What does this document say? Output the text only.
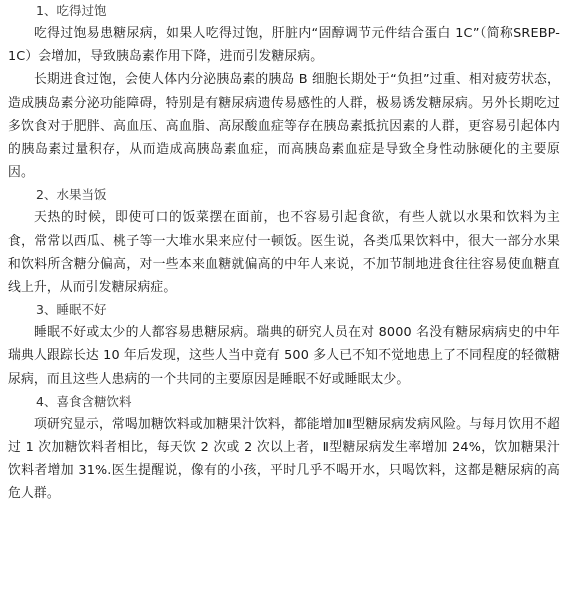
1、吃得过饱

吃得过饱易患糖尿病，如果人吃得过饱，肝脏内“固醇调节元件结合蛋白 1C”（简称SREBP-1C）会增加，导致胰岛素作用下降，进而引发糖尿病。

长期进食过饱，会使人体内分泌胰岛素的胰岛 B 细胞长期处于“负担”过重、相对疲劳状态，造成胰岛素分泌功能障碍，特别是有糖尿病遗传易感性的人群，极易诱发糖尿病。另外长期吃过多饮食对于肥胖、高血压、高血脂、高尿酸血症等存在胰岛素抵抗因素的人群，更容易引起体内的胰岛素过量积存，从而造成高胰岛素血症，而高胰岛素血症是导致全身性动脉硬化的主要原因。

2、水果当饭

天热的时候，即使可口的饭菜摆在面前，也不容易引起食欲，有些人就以水果和饮料为主食，常常以西瓜、桃子等一大堆水果来应付一顿饭。医生说，各类瓜果饮料中，很大一部分水果和饮料所含糖分偏高，对一些本来血糖就偏高的中年人来说，不加节制地进食往往容易使血糖直线上升，从而引发糖尿病症。

3、睡眠不好

睡眠不好或太少的人都容易患糖尿病。瑞典的研究人员在对 8000 名没有糖尿病病史的中年瑞典人跟踪长达 10 年后发现，这些人当中竟有 500 多人已不知不觉地患上了不同程度的轻微糖尿病，而且这些人患病的一个共同的主要原因是睡眠不好或睡眠太少。

4、喜食含糖饮料

项研究显示，常喝加糖饮料或加糖果汁饮料，都能增加Ⅱ型糖尿病发病风险。与每月饮用不超过 1 次加糖饮料者相比，每天饮 2 次或 2 次以上者，Ⅱ型糖尿病发生率增加 24%，饮加糖果汁饮料者增加 31%.医生提醒说，像有的小孩，平时几乎不喝开水，只喝饮料，这都是糖尿病的高危人群。
